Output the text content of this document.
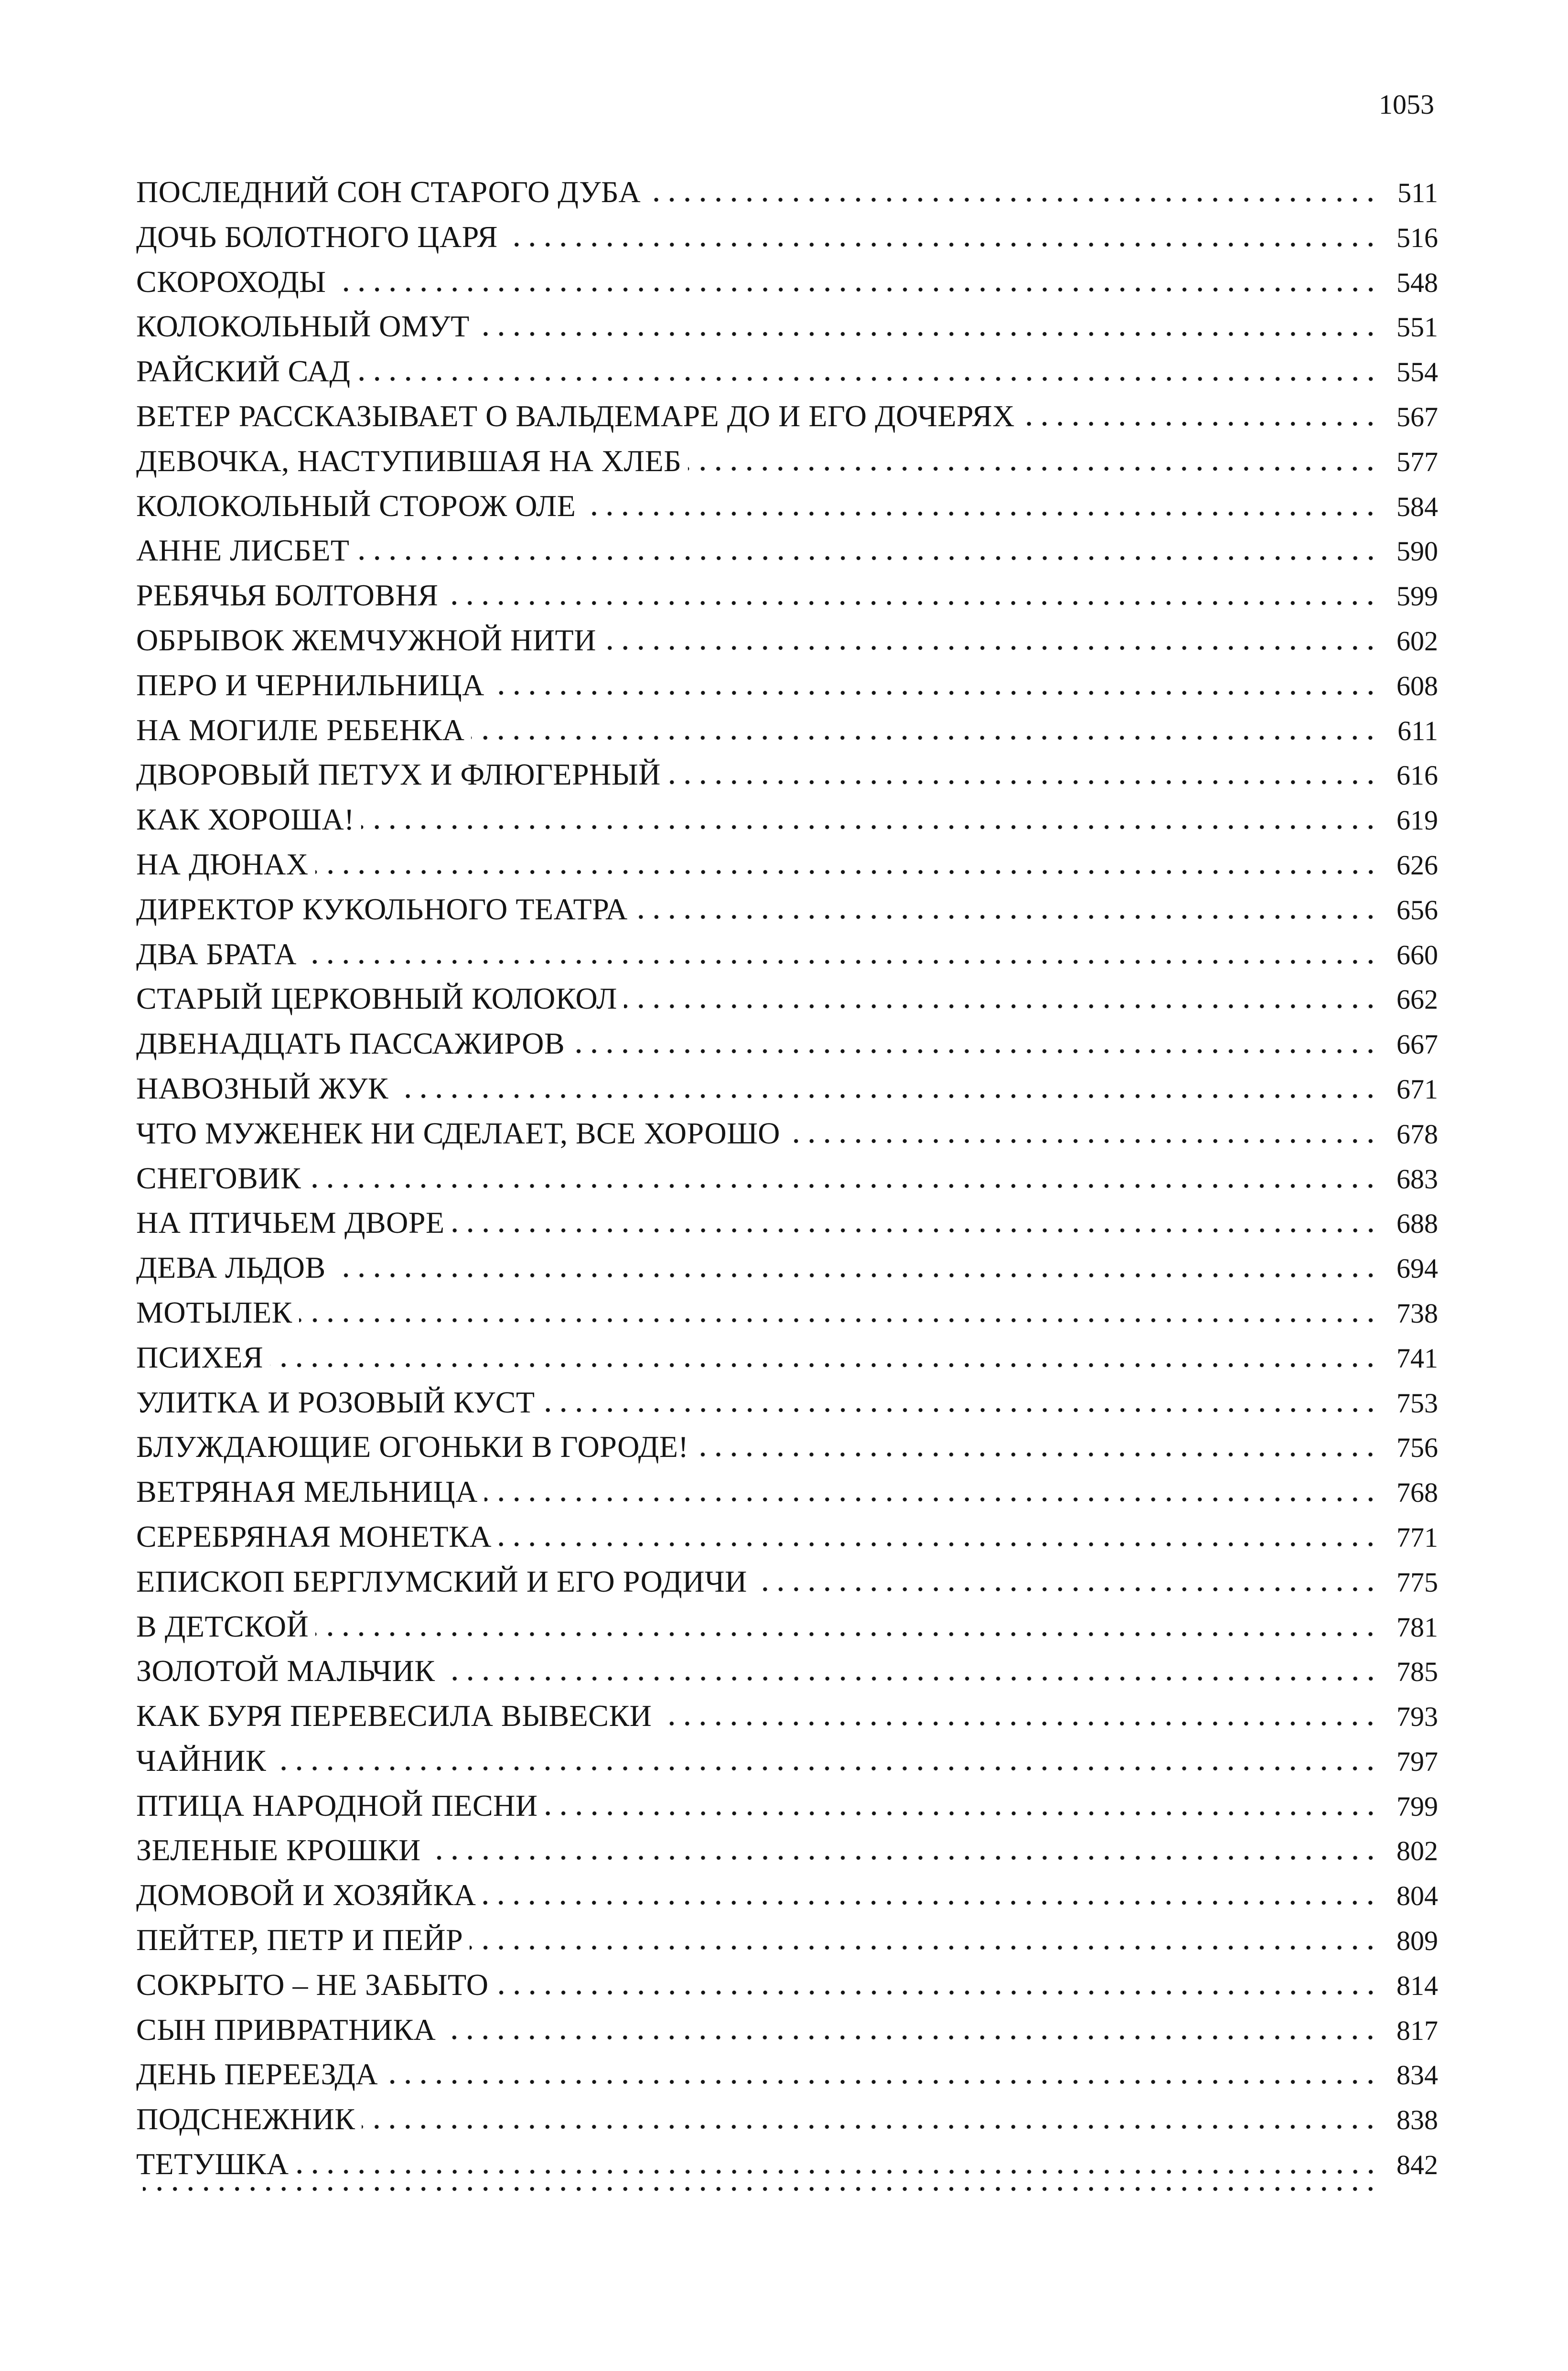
1053
ПОСЛЕДНИЙ СОН СТАРОГО ДУБА	511
ДОЧЬ БОЛОТНОГО ЦАРЯ	516
СКОРОХОДЫ	548
КОЛОКОЛЬНЫЙ ОМУТ	551
РАЙСКИЙ САД	554
ВЕТЕР РАССКАЗЫВАЕТ О ВАЛЬДЕМАРЕ ДО И ЕГО ДОЧЕРЯХ	567
ДЕВОЧКА, НАСТУПИВШАЯ НА ХЛЕБ	577
КОЛОКОЛЬНЫЙ СТОРОЖ ОЛЕ	584
АННЕ ЛИСБЕТ	590
РЕБЯЧЬЯ БОЛТОВНЯ	599
ОБРЫВОК ЖЕМЧУЖНОЙ НИТИ	602
ПЕРО И ЧЕРНИЛЬНИЦА	608
НА МОГИЛЕ РЕБЕНКА	611
ДВОРОВЫЙ ПЕТУХ И ФЛЮГЕРНЫЙ	616
КАК ХОРОША!	619
НА ДЮНАХ	626
ДИРЕКТОР КУКОЛЬНОГО ТЕАТРА	656
ДВА БРАТА	660
СТАРЫЙ ЦЕРКОВНЫЙ КОЛОКОЛ	662
ДВЕНАДЦАТЬ ПАССАЖИРОВ	667
НАВОЗНЫЙ ЖУК	671
ЧТО МУЖЕНЕК НИ СДЕЛАЕТ, ВСЕ ХОРОШО	678
СНЕГОВИК	683
НА ПТИЧЬЕМ ДВОРЕ	688
ДЕВА ЛЬДОВ	694
МОТЫЛЕК	738
ПСИХЕЯ	741
УЛИТКА И РОЗОВЫЙ КУСТ	753
БЛУЖДАЮЩИЕ ОГОНЬКИ В ГОРОДЕ!	756
ВЕТРЯНАЯ МЕЛЬНИЦА	768
СЕРЕБРЯНАЯ МОНЕТКА	771
ЕПИСКОП БЕРГЛУМСКИЙ И ЕГО РОДИЧИ	775
В ДЕТСКОЙ	781
ЗОЛОТОЙ МАЛЬЧИК	785
КАК БУРЯ ПЕРЕВЕСИЛА ВЫВЕСКИ	793
ЧАЙНИК	797
ПТИЦА НАРОДНОЙ ПЕСНИ	799
ЗЕЛЕНЫЕ КРОШКИ	802
ДОМОВОЙ И ХОЗЯЙКА	804
ПЕЙТЕР, ПЕТР И ПЕЙР	809
СОКРЫТО – НЕ ЗАБЫТО	814
СЫН ПРИВРАТНИКА	817
ДЕНЬ ПЕРЕЕЗДА	834
ПОДСНЕЖНИК	838
ТЕТУШКА	842
